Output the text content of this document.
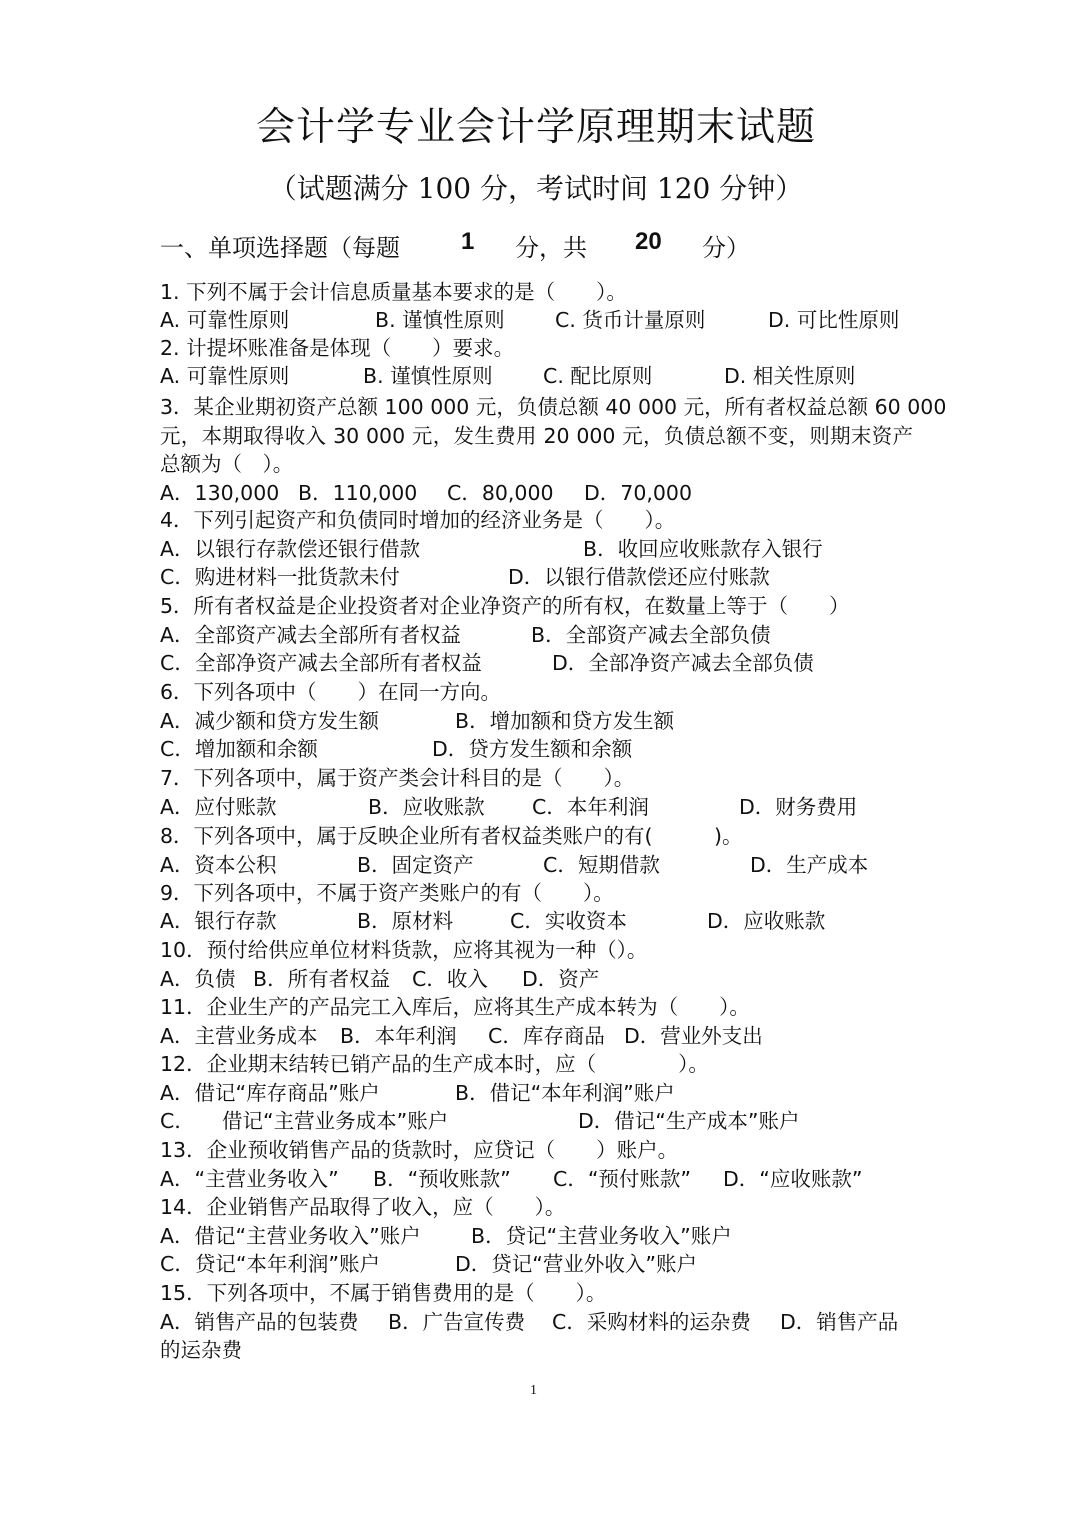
会计学专业会计学原理期末试题
（试题满分 100 分，考试时间 120 分钟）
一、单项选择题（每题	1 分，共 20 分）
1. 下列不属于会计信息质量基本要求的是（　　）。
A. 可靠性原则	B. 谨慎性原则 C. 货币计量原则	D. 可比性原则
2. 计提坏账准备是体现（　　）要求。
A. 可靠性原则	B. 谨慎性原则 C. 配比原则	D. 相关性原则
3．某企业期初资产总额 100 000 元，负债总额 40 000 元，所有者权益总额 60 000
元，本期取得收入 30 000 元，发生费用 20 000 元，负债总额不变，则期末资产
总额为（　）。
A．130,000 B．110,000 C．80,000 D．70,000
4．下列引起资产和负债同时增加的经济业务是（　　）。
A．以银行存款偿还银行借款	B．收回应收账款存入银行
C．购进材料一批货款未付	D．以银行借款偿还应付账款
5．所有者权益是企业投资者对企业净资产的所有权，在数量上等于（　　）
A．全部资产减去全部所有者权益	B．全部资产减去全部负债
C．全部净资产减去全部所有者权益	D．全部净资产减去全部负债
6．下列各项中（　　）在同一方向。
A．减少额和贷方发生额	B．增加额和贷方发生额
C．增加额和余额	D．贷方发生额和余额
7．下列各项中，属于资产类会计科目的是（　　）。
A．应付账款	B．应收账款 C．本年利润	D．财务费用
8．下列各项中，属于反映企业所有者权益类账户的有(　　　)。
A．资本公积	B．固定资产	C．短期借款	D．生产成本
9．下列各项中，不属于资产类账户的有（　　）。
A．银行存款	B．原材料	C．实收资本	D．应收账款
10．预付给供应单位材料货款，应将其视为一种（）。
A．负债 B．所有者权益 C．收入 D．资产
11．企业生产的产品完工入库后，应将其生产成本转为（　　）。
A．主营业务成本 B．本年利润 C．库存商品 D．营业外支出
12．企业期末结转已销产品的生产成本时，应（　　　　）。
A．借记“库存商品”账户	B．借记“本年利润”账户
C． 借记“主营业务成本”账户	D．借记“生产成本”账户
13．企业预收销售产品的货款时，应贷记（　　）账户。
A．“主营业务收入” B．“预收账款” C．“预付账款” D．“应收账款”
14．企业销售产品取得了收入，应（　　）。
A．借记“主营业务收入”账户 B．贷记“主营业务收入”账户
C．贷记“本年利润”账户	D．贷记“营业外收入”账户
15．下列各项中，不属于销售费用的是（　　）。
A．销售产品的包装费 B．广告宣传费 C．采购材料的运杂费 D．销售产品
的运杂费
1
